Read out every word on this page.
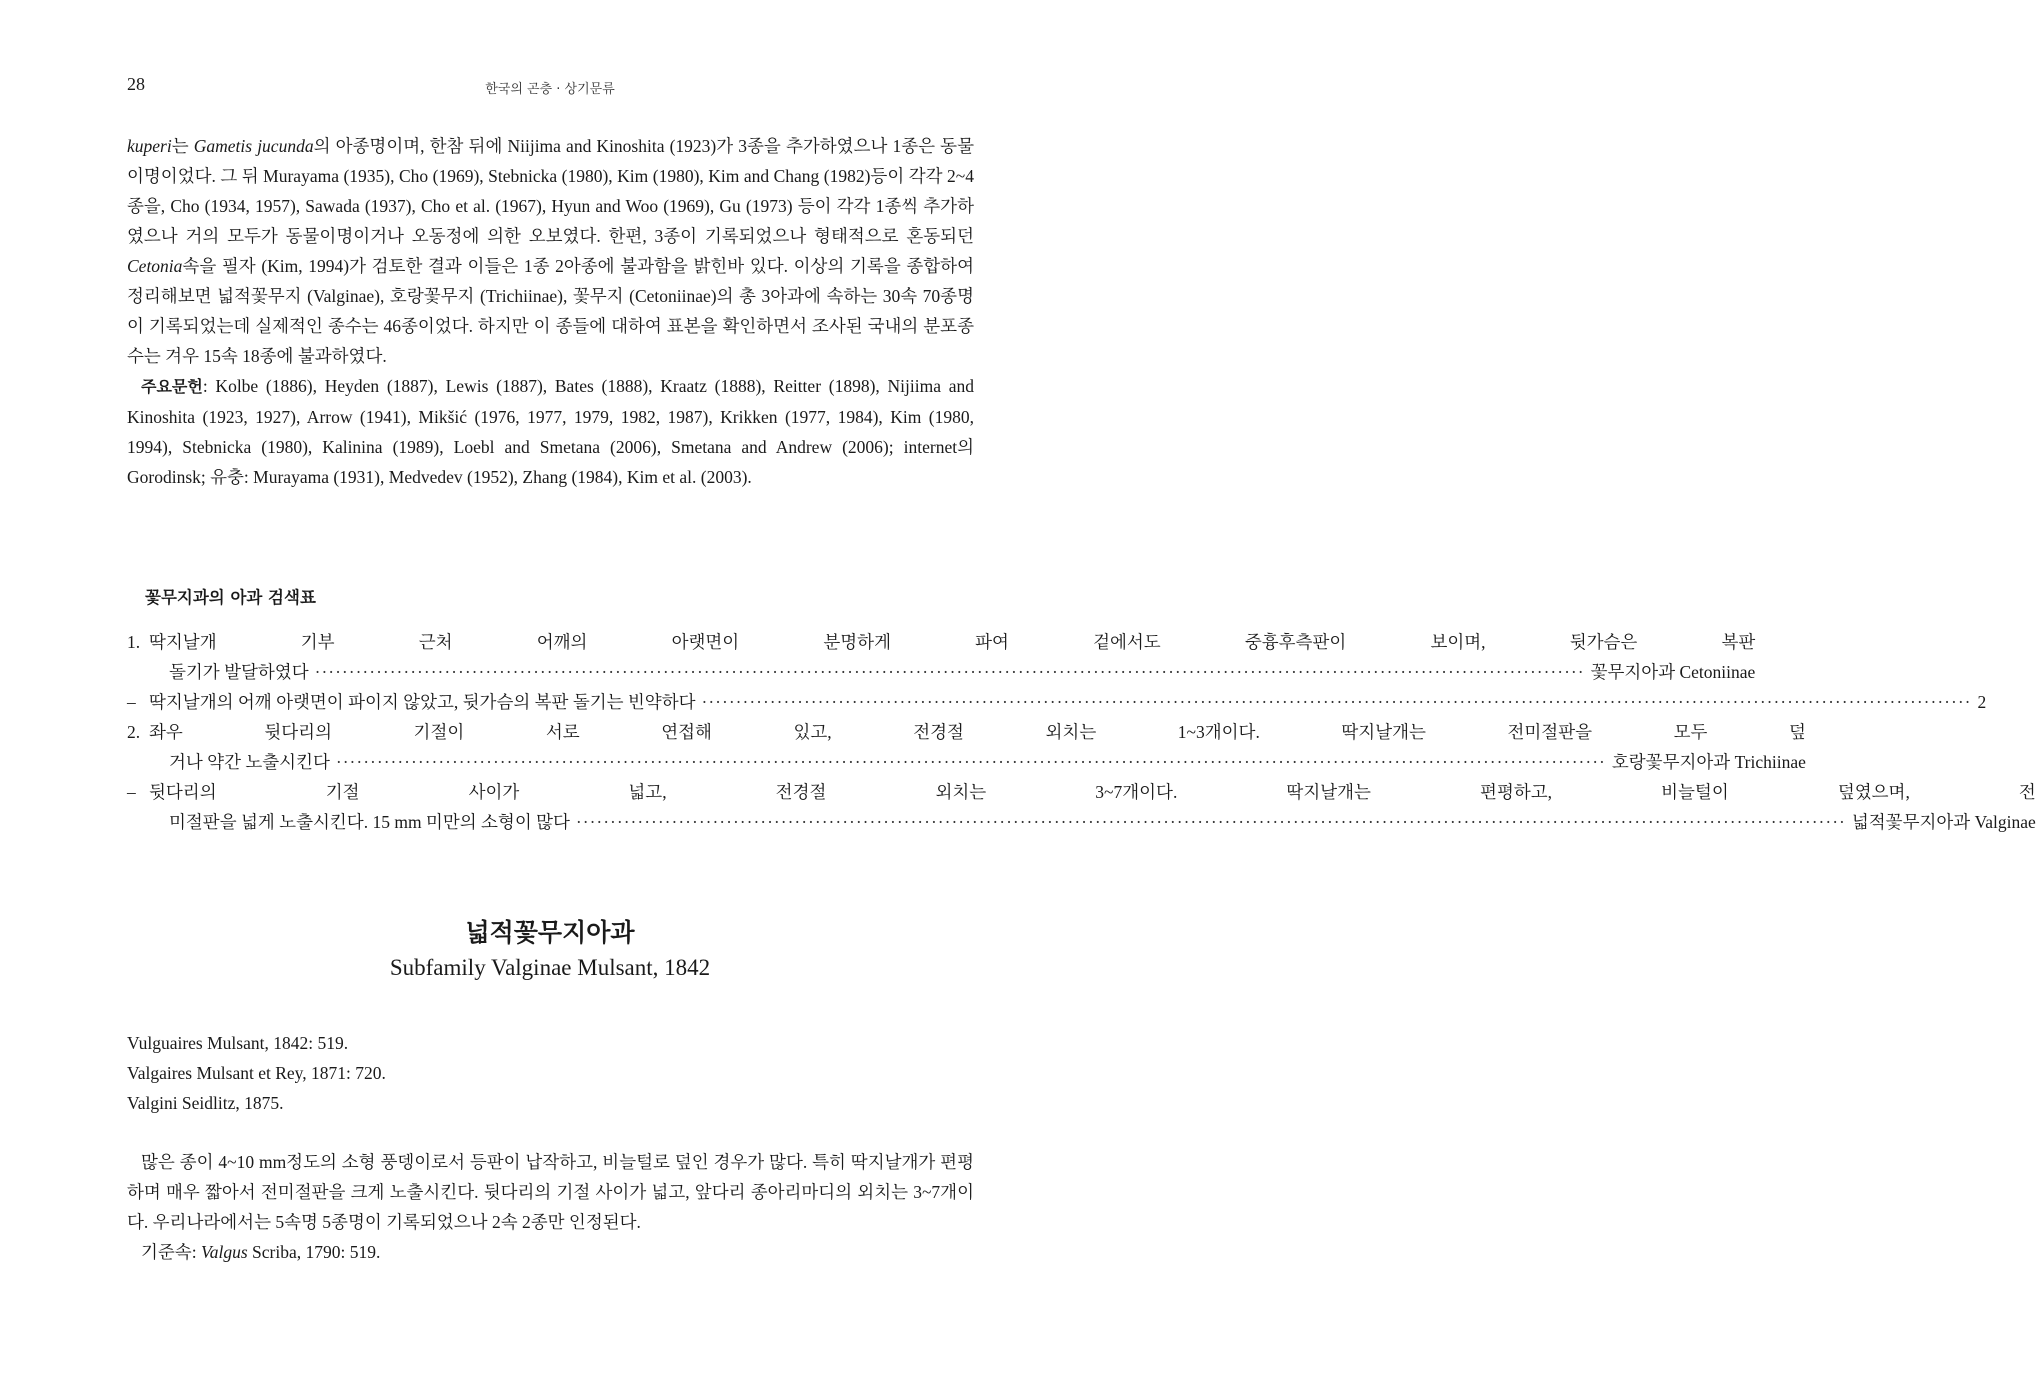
28	한국의 곤충 · 상기문류

kuperi는 Gametis jucunda의 아종명이며, 한참 뒤에 Niijima and Kinoshita (1923)가 3종을 추가하였으나 1종은 동물이명이었다. 그 뒤 Murayama (1935), Cho (1969), Stebnicka (1980), Kim (1980), Kim and Chang (1982)등이 각각 2~4종을, Cho (1934, 1957), Sawada (1937), Cho et al. (1967), Hyun and Woo (1969), Gu (1973) 등이 각각 1종씩 추가하였으나 거의 모두가 동물이명이거나 오동정에 의한 오보였다. 한편, 3종이 기록되었으나 형태적으로 혼동되던 Cetonia속을 필자 (Kim, 1994)가 검토한 결과 이들은 1종 2아종에 불과함을 밝힌바 있다. 이상의 기록을 종합하여 정리해보면 넓적꽃무지 (Valginae), 호랑꽃무지 (Trichiinae), 꽃무지 (Cetoniinae)의 총 3아과에 속하는 30속 70종명이 기록되었는데 실제적인 종수는 46종이었다. 하지만 이 종들에 대하여 표본을 확인하면서 조사된 국내의 분포종 수는 겨우 15속 18종에 불과하였다.

주요문헌: Kolbe (1886), Heyden (1887), Lewis (1887), Bates (1888), Kraatz (1888), Reitter (1898), Nijiima and Kinoshita (1923, 1927), Arrow (1941), Mikšić (1976, 1977, 1979, 1982, 1987), Krikken (1977, 1984), Kim (1980, 1994), Stebnicka (1980), Kalinina (1989), Loebl and Smetana (2006), Smetana and Andrew (2006); internet의 Gorodinsk; 유충: Murayama (1931), Medvedev (1952), Zhang (1984), Kim et al. (2003).

꽃무지과의 아과 검색표
1. 딱지날개 기부 근처 어깨의 아랫면이 분명하게 파여 겉에서도 중흉후측판이 보이며, 뒷가슴은 복판
돌기가 발달하였다 ·····	꽃무지아과 Cetoniinae
– 딱지날개의 어깨 아랫면이 파이지 않았고, 뒷가슴의 복판 돌기는 빈약하다 ·····	2
2. 좌우 뒷다리의 기절이 서로 연접해 있고, 전경절 외치는 1~3개이다. 딱지날개는 전미절판을 모두 덮
거나 약간 노출시킨다 ·····	호랑꽃무지아과 Trichiinae
– 뒷다리의 기절 사이가 넓고, 전경절 외치는 3~7개이다. 딱지날개는 편평하고, 비늘털이 덮였으며, 전
미절판을 넓게 노출시킨다. 15 mm 미만의 소형이 많다 ·····	넓적꽃무지아과 Valginae
넓적꽃무지아과
Subfamily Valginae Mulsant, 1842
Vulguaires Mulsant, 1842: 519.
Valgaires Mulsant et Rey, 1871: 720.
Valgini Seidlitz, 1875.

많은 종이 4~10 mm정도의 소형 풍뎅이로서 등판이 납작하고, 비늘털로 덮인 경우가 많다. 특히 딱지날개가 편평하며 매우 짧아서 전미절판을 크게 노출시킨다. 뒷다리의 기절 사이가 넓고, 앞다리 종아리마디의 외치는 3~7개이다. 우리나라에서는 5속명 5종명이 기록되었으나 2속 2종만 인정된다.

기준속: Valgus Scriba, 1790: 519.
